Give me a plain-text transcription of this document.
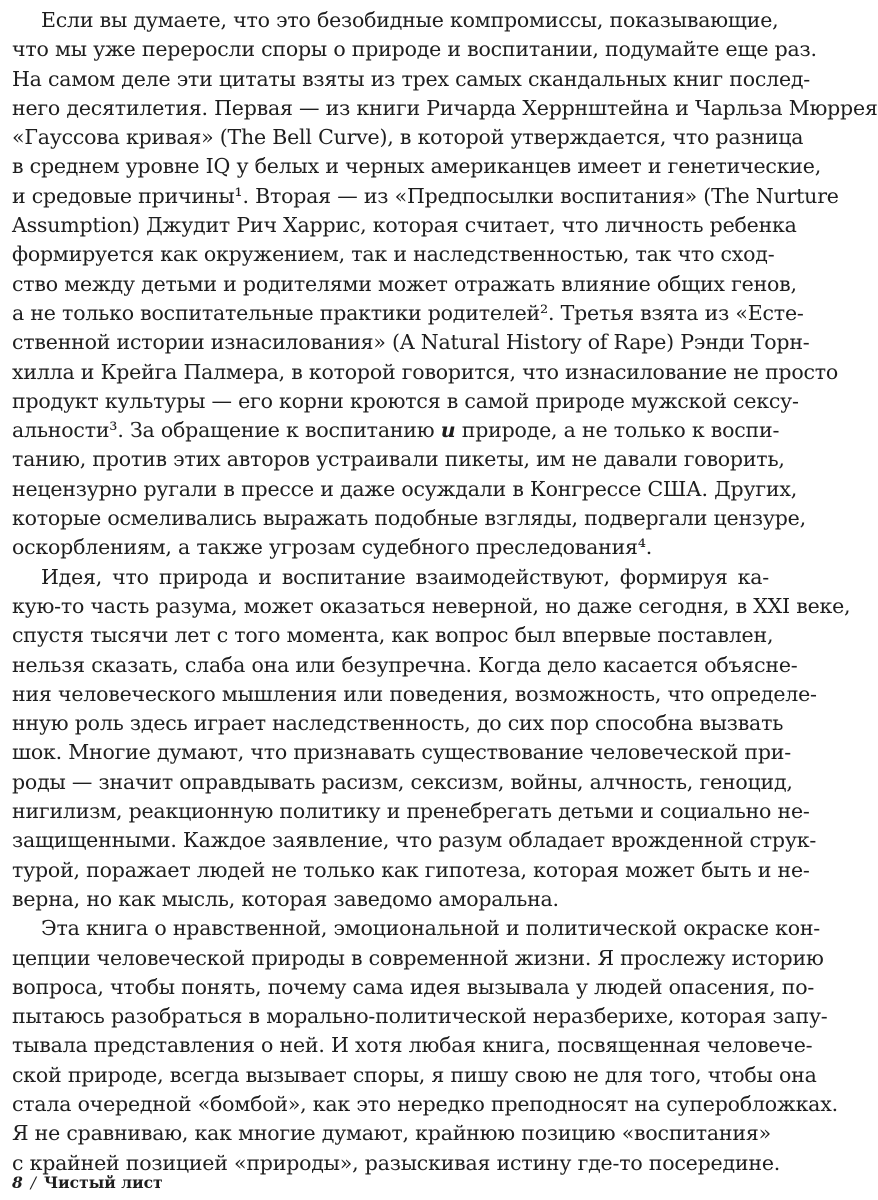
Если вы думаете, что это безобидные компромиссы, показывающие,
что мы уже переросли споры о природе и воспитании, подумайте еще раз.
На самом деле эти цитаты взяты из трех самых скандальных книг послед-
него десятилетия. Первая — из книги Ричарда Херрнштейна и Чарльза Мюррея
«Гауссова кривая» (The Bell Curve), в которой утверждается, что разница
в среднем уровне IQ у белых и черных американцев имеет и генетические,
и средовые причины¹. Вторая — из «Предпосылки воспитания» (The Nurture
Assumption) Джудит Рич Харрис, которая считает, что личность ребенка
формируется как окружением, так и наследственностью, так что сход-
ство между детьми и родителями может отражать влияние общих генов,
а не только воспитательные практики родителей². Третья взята из «Есте-
ственной истории изнасилования» (A Natural History of Rape) Рэнди Торн-
хилла и Крейга Палмера, в которой говорится, что изнасилование не просто
продукт культуры — его корни кроются в самой природе мужской сексу-
альности³. За обращение к воспитанию и природе, а не только к воспи-
танию, против этих авторов устраивали пикеты, им не давали говорить,
нецензурно ругали в прессе и даже осуждали в Конгрессе США. Других,
которые осмеливались выражать подобные взгляды, подвергали цензуре,
оскорблениям, а также угрозам судебного преследования⁴.
Идея, что природа и воспитание взаимодействуют, формируя ка-
кую-то часть разума, может оказаться неверной, но даже сегодня, в XXI веке,
спустя тысячи лет с того момента, как вопрос был впервые поставлен,
нельзя сказать, слаба она или безупречна. Когда дело касается объясне-
ния человеческого мышления или поведения, возможность, что определе-
нную роль здесь играет наследственность, до сих пор способна вызвать
шок. Многие думают, что признавать существование человеческой при-
роды — значит оправдывать расизм, сексизм, войны, алчность, геноцид,
нигилизм, реакционную политику и пренебрегать детьми и социально не-
защищенными. Каждое заявление, что разум обладает врожденной струк-
турой, поражает людей не только как гипотеза, которая может быть и не-
верна, но как мысль, которая заведомо аморальна.
Эта книга о нравственной, эмоциональной и политической окраске кон-
цепции человеческой природы в современной жизни. Я прослежу историю
вопроса, чтобы понять, почему сама идея вызывала у людей опасения, по-
пытаюсь разобраться в морально-политической неразберихе, которая запу-
тывала представления о ней. И хотя любая книга, посвященная человече-
ской природе, всегда вызывает споры, я пишу свою не для того, чтобы она
стала очередной «бомбой», как это нередко преподносят на суперобложках.
Я не сравниваю, как многие думают, крайнюю позицию «воспитания»
с крайней позицией «природы», разыскивая истину где-то посередине.
8 / Чистый лист
